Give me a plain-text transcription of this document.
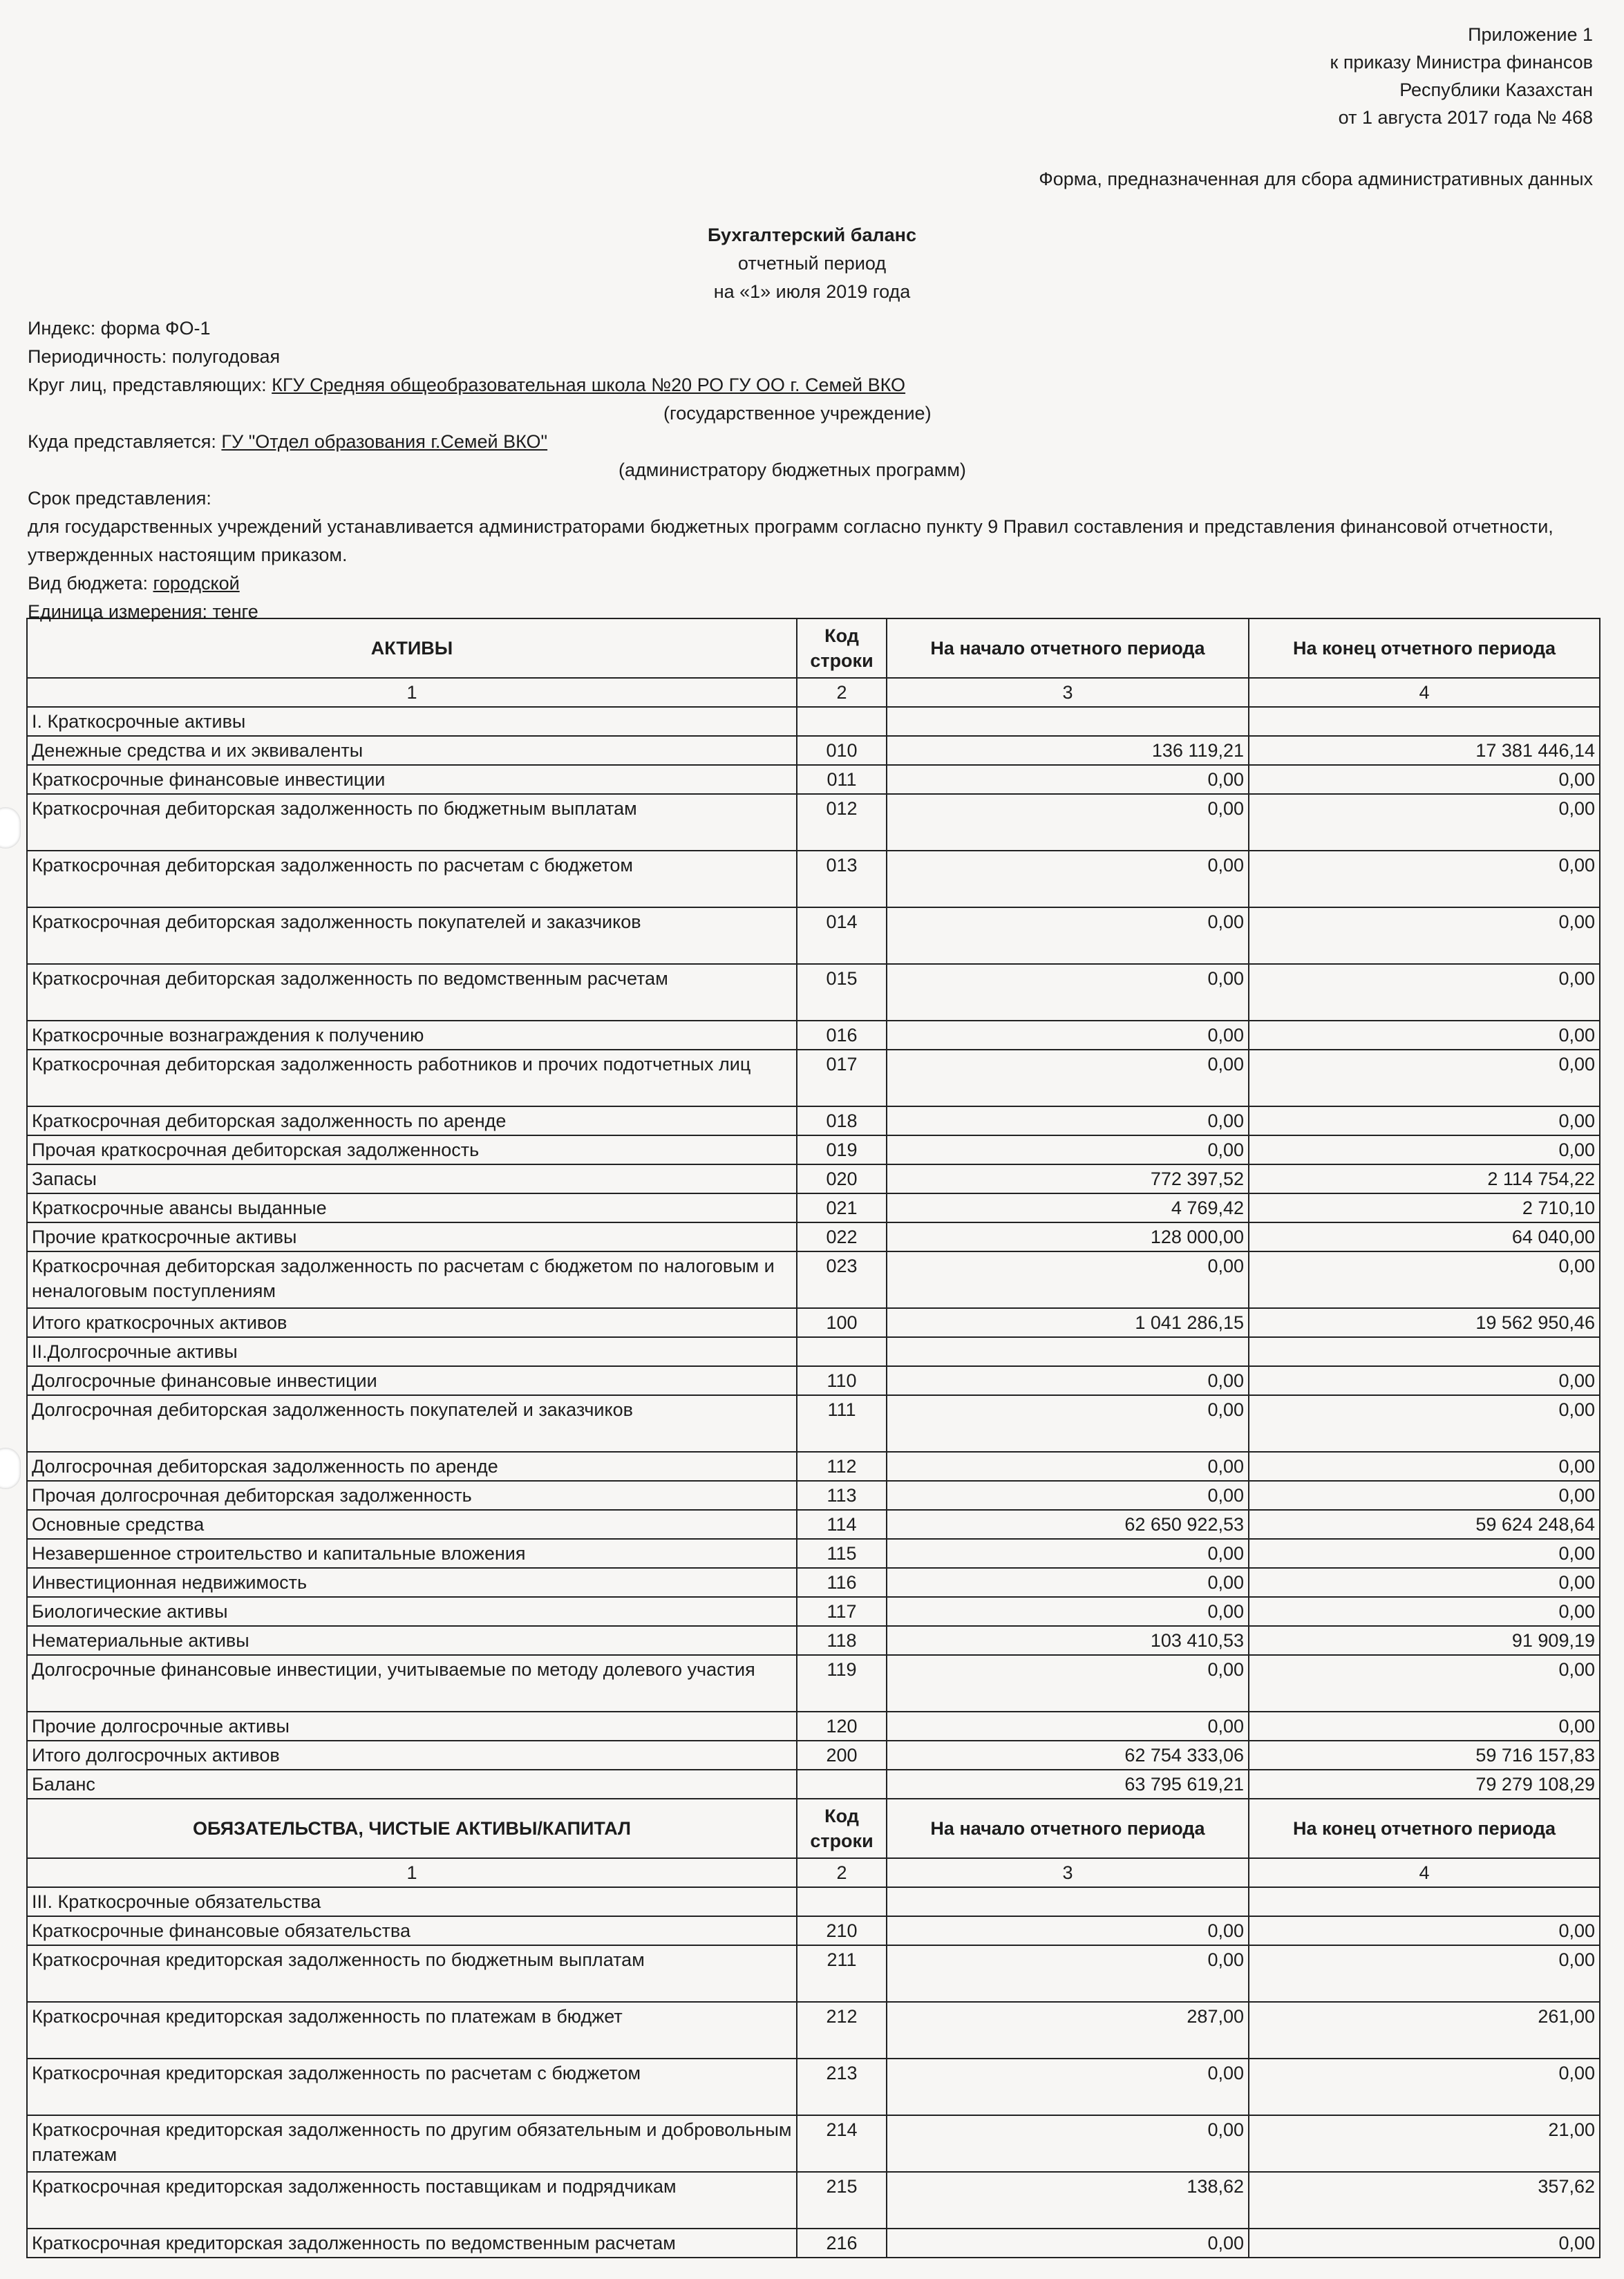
Приложение 1
к приказу Министра финансов
Республики Казахстан
от 1 августа 2017 года № 468
Форма, предназначенная для сбора административных данных
Бухгалтерский баланс
отчетный период
на «1» июля 2019 года
Индекс: форма ФО-1
Периодичность: полугодовая
Круг лиц, представляющих: КГУ Средняя общеобразовательная школа №20 РО ГУ ОО г. Семей ВКО
(государственное учреждение)
Куда представляется: ГУ "Отдел образования г.Семей ВКО"
(администратору бюджетных программ)
Срок представления:
для государственных учреждений устанавливается администраторами бюджетных программ согласно пункту 9 Правил составления и представления финансовой отчетности, утвержденных настоящим приказом.
Вид бюджета: городской
Единица измерения: тенге
АКТИВЫ	Код строки	На начало отчетного периода	На конец отчетного периода
1	2	3	4
I. Краткосрочные активы			
Денежные средства и их эквиваленты	010	136 119,21	17 381 446,14
Краткосрочные финансовые инвестиции	011	0,00	0,00
Краткосрочная дебиторская задолженность по бюджетным выплатам	012	0,00	0,00
Краткосрочная дебиторская задолженность по расчетам с бюджетом	013	0,00	0,00
Краткосрочная дебиторская задолженность покупателей и заказчиков	014	0,00	0,00
Краткосрочная дебиторская задолженность по ведомственным расчетам	015	0,00	0,00
Краткосрочные вознаграждения к получению	016	0,00	0,00
Краткосрочная дебиторская задолженность работников и прочих подотчетных лиц	017	0,00	0,00
Краткосрочная дебиторская задолженность по аренде	018	0,00	0,00
Прочая краткосрочная дебиторская задолженность	019	0,00	0,00
Запасы	020	772 397,52	2 114 754,22
Краткосрочные авансы выданные	021	4 769,42	2 710,10
Прочие краткосрочные активы	022	128 000,00	64 040,00
Краткосрочная дебиторская задолженность по расчетам с бюджетом по налоговым и неналоговым поступлениям	023	0,00	0,00
Итого краткосрочных активов	100	1 041 286,15	19 562 950,46
II.Долгосрочные активы			
Долгосрочные финансовые инвестиции	110	0,00	0,00
Долгосрочная дебиторская задолженность покупателей и заказчиков	111	0,00	0,00
Долгосрочная дебиторская задолженность по аренде	112	0,00	0,00
Прочая долгосрочная дебиторская задолженность	113	0,00	0,00
Основные средства	114	62 650 922,53	59 624 248,64
Незавершенное строительство и капитальные вложения	115	0,00	0,00
Инвестиционная недвижимость	116	0,00	0,00
Биологические активы	117	0,00	0,00
Нематериальные активы	118	103 410,53	91 909,19
Долгосрочные финансовые инвестиции, учитываемые по методу долевого участия	119	0,00	0,00
Прочие долгосрочные активы	120	0,00	0,00
Итого долгосрочных активов	200	62 754 333,06	59 716 157,83
Баланс		63 795 619,21	79 279 108,29
ОБЯЗАТЕЛЬСТВА, ЧИСТЫЕ АКТИВЫ/КАПИТАЛ	Код строки	На начало отчетного периода	На конец отчетного периода
1	2	3	4
III. Краткосрочные обязательства			
Краткосрочные финансовые обязательства	210	0,00	0,00
Краткосрочная кредиторская задолженность по бюджетным выплатам	211	0,00	0,00
Краткосрочная кредиторская задолженность по платежам в бюджет	212	287,00	261,00
Краткосрочная кредиторская задолженность по расчетам с бюджетом	213	0,00	0,00
Краткосрочная кредиторская задолженность по другим обязательным и добровольным платежам	214	0,00	21,00
Краткосрочная кредиторская задолженность поставщикам и подрядчикам	215	138,62	357,62
Краткосрочная кредиторская задолженность по ведомственным расчетам	216	0,00	0,00
